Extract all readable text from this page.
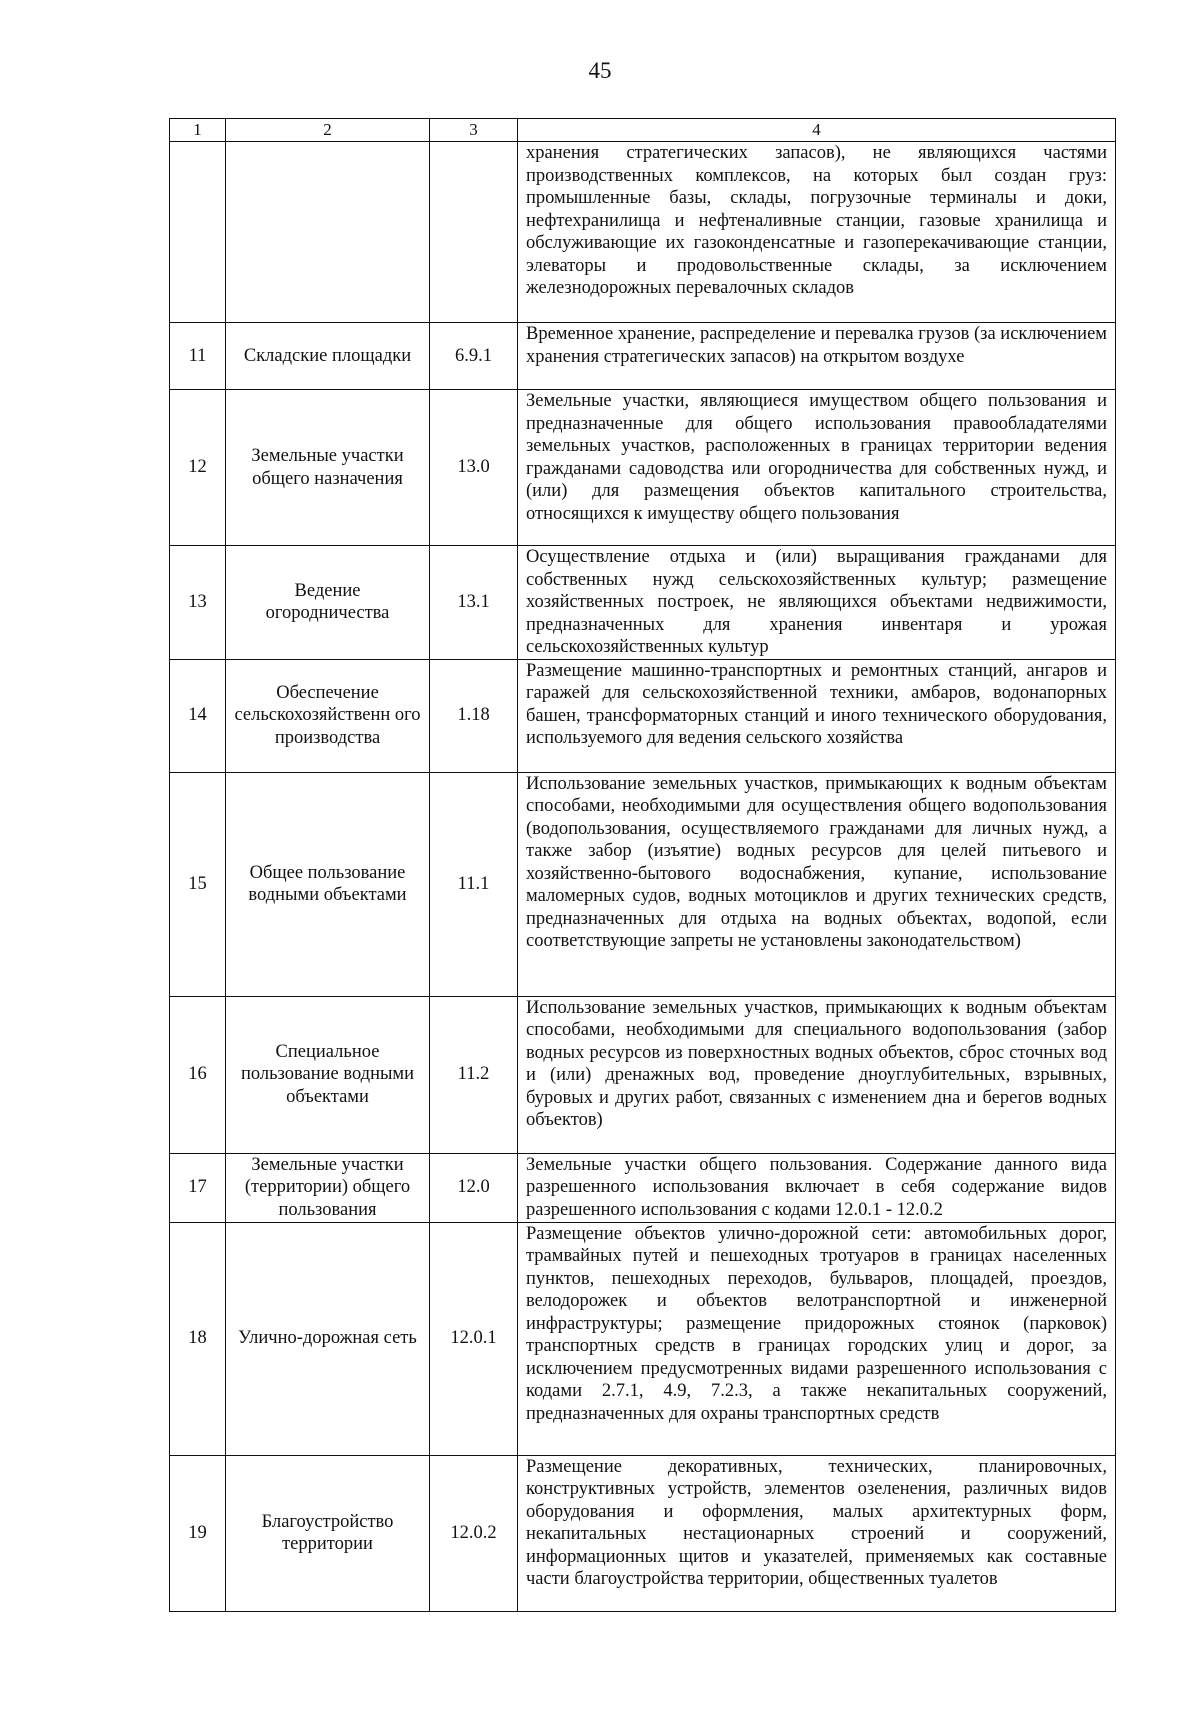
45
1	2	3	4
			хранения стратегических запасов), не являющихся частями производственных комплексов, на которых был создан груз: промышленные базы, склады, погрузочные терминалы и доки, нефтехранилища и нефтеналивные станции, газовые хранилища и обслуживающие их газоконденсатные и газоперекачивающие станции, элеваторы и продовольственные склады, за исключением железнодорожных перевалочных складов
11	Складские площадки	6.9.1	Временное хранение, распределение и перевалка грузов (за исключением хранения стратегических запасов) на открытом воздухе
12	Земельные участки общего назначения	13.0	Земельные участки, являющиеся имуществом общего пользования и предназначенные для общего использования правообладателями земельных участков, расположенных в границах территории ведения гражданами садоводства или огородничества для собственных нужд, и (или) для размещения объектов капитального строительства, относящихся к имуществу общего пользования
13	Ведение огородничества	13.1	Осуществление отдыха и (или) выращивания гражданами для собственных нужд сельскохозяйственных культур; размещение хозяйственных построек, не являющихся объектами недвижимости, предназначенных для хранения инвентаря и урожая сельскохозяйственных культур
14	Обеспечение сельскохозяйственн ого производства	1.18	Размещение машинно-транспортных и ремонтных станций, ангаров и гаражей для сельскохозяйственной техники, амбаров, водонапорных башен, трансформаторных станций и иного технического оборудования, используемого для ведения сельского хозяйства
15	Общее пользование водными объектами	11.1	Использование земельных участков, примыкающих к водным объектам способами, необходимыми для осуществления общего водопользования (водопользования, осуществляемого гражданами для личных нужд, а также забор (изъятие) водных ресурсов для целей питьевого и хозяйственно-бытового водоснабжения, купание, использование маломерных судов, водных мотоциклов и других технических средств, предназначенных для отдыха на водных объектах, водопой, если соответствующие запреты не установлены законодательством)
16	Специальное пользование водными объектами	11.2	Использование земельных участков, примыкающих к водным объектам способами, необходимыми для специального водопользования (забор водных ресурсов из поверхностных водных объектов, сброс сточных вод и (или) дренажных вод, проведение дноуглубительных, взрывных, буровых и других работ, связанных с изменением дна и берегов водных объектов)
17	Земельные участки (территории) общего пользования	12.0	Земельные участки общего пользования. Содержание данного вида разрешенного использования включает в себя содержание видов разрешенного использования с кодами 12.0.1 - 12.0.2
18	Улично-дорожная сеть	12.0.1	Размещение объектов улично-дорожной сети: автомобильных дорог, трамвайных путей и пешеходных тротуаров в границах населенных пунктов, пешеходных переходов, бульваров, площадей, проездов, велодорожек и объектов велотранспортной и инженерной инфраструктуры; размещение придорожных стоянок (парковок) транспортных средств в границах городских улиц и дорог, за исключением предусмотренных видами разрешенного использования с кодами 2.7.1, 4.9, 7.2.3, а также некапитальных сооружений, предназначенных для охраны транспортных средств
19	Благоустройство территории	12.0.2	Размещение декоративных, технических, планировочных, конструктивных устройств, элементов озеленения, различных видов оборудования и оформления, малых архитектурных форм, некапитальных нестационарных строений и сооружений, информационных щитов и указателей, применяемых как составные части благоустройства территории, общественных туалетов
